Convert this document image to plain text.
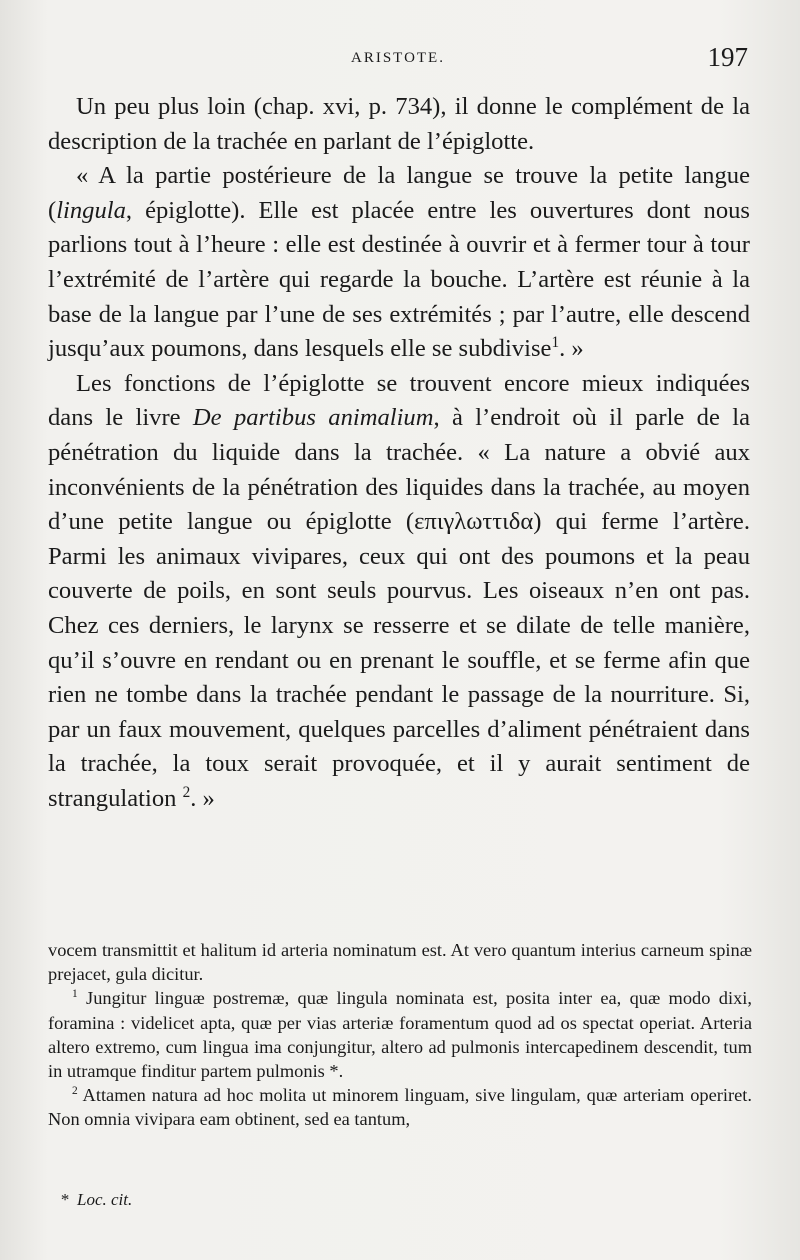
ARISTOTE.	197

Un peu plus loin (chap. xvi, p. 734), il donne le complément de la description de la trachée en parlant de l’épiglotte.

« A la partie postérieure de la langue se trouve la petite langue (lingula, épiglotte). Elle est placée entre les ouvertures dont nous parlions tout à l’heure : elle est destinée à ouvrir et à fermer tour à tour l’extrémité de l’artère qui regarde la bouche. L’artère est réunie à la base de la langue par l’une de ses extrémités ; par l’autre, elle descend jusqu’aux poumons, dans lesquels elle se subdivise$^1$. »

Les fonctions de l’épiglotte se trouvent encore mieux indiquées dans le livre De partibus animalium, à l’endroit où il parle de la pénétration du liquide dans la trachée. « La nature a obvié aux inconvénients de la pénétration des liquides dans la trachée, au moyen d’une petite langue ou épiglotte (επιγλωττιδα) qui ferme l’artère. Parmi les animaux vivipares, ceux qui ont des poumons et la peau couverte de poils, en sont seuls pourvus. Les oiseaux n’en ont pas. Chez ces derniers, le larynx se resserre et se dilate de telle manière, qu’il s’ouvre en rendant ou en prenant le souffle, et se ferme afin que rien ne tombe dans la trachée pendant le passage de la nourriture. Si, par un faux mouvement, quelques parcelles d’aliment pénétraient dans la trachée, la toux serait provoquée, et il y aurait sentiment de strangulation $^2$. »

vocem transmittit et halitum id arteria nominatum est. At vero quantum interius carneum spinæ prejacet, gula dicitur.

$^1$ Jungitur linguæ postremæ, quæ lingula nominata est, posita inter ea, quæ modo dixi, foramina : videlicet apta, quæ per vias arteriæ foramentum quod ad os spectat operiat. Arteria altero extremo, cum lingua ima conjungitur, altero ad pulmonis intercapedinem descendit, tum in utramque finditur partem pulmonis *.

$^2$ Attamen natura ad hoc molita ut minorem linguam, sive lingulam, quæ arteriam operiret. Non omnia vivipara eam obtinent, sed ea tantum,

* Loc. cit.
